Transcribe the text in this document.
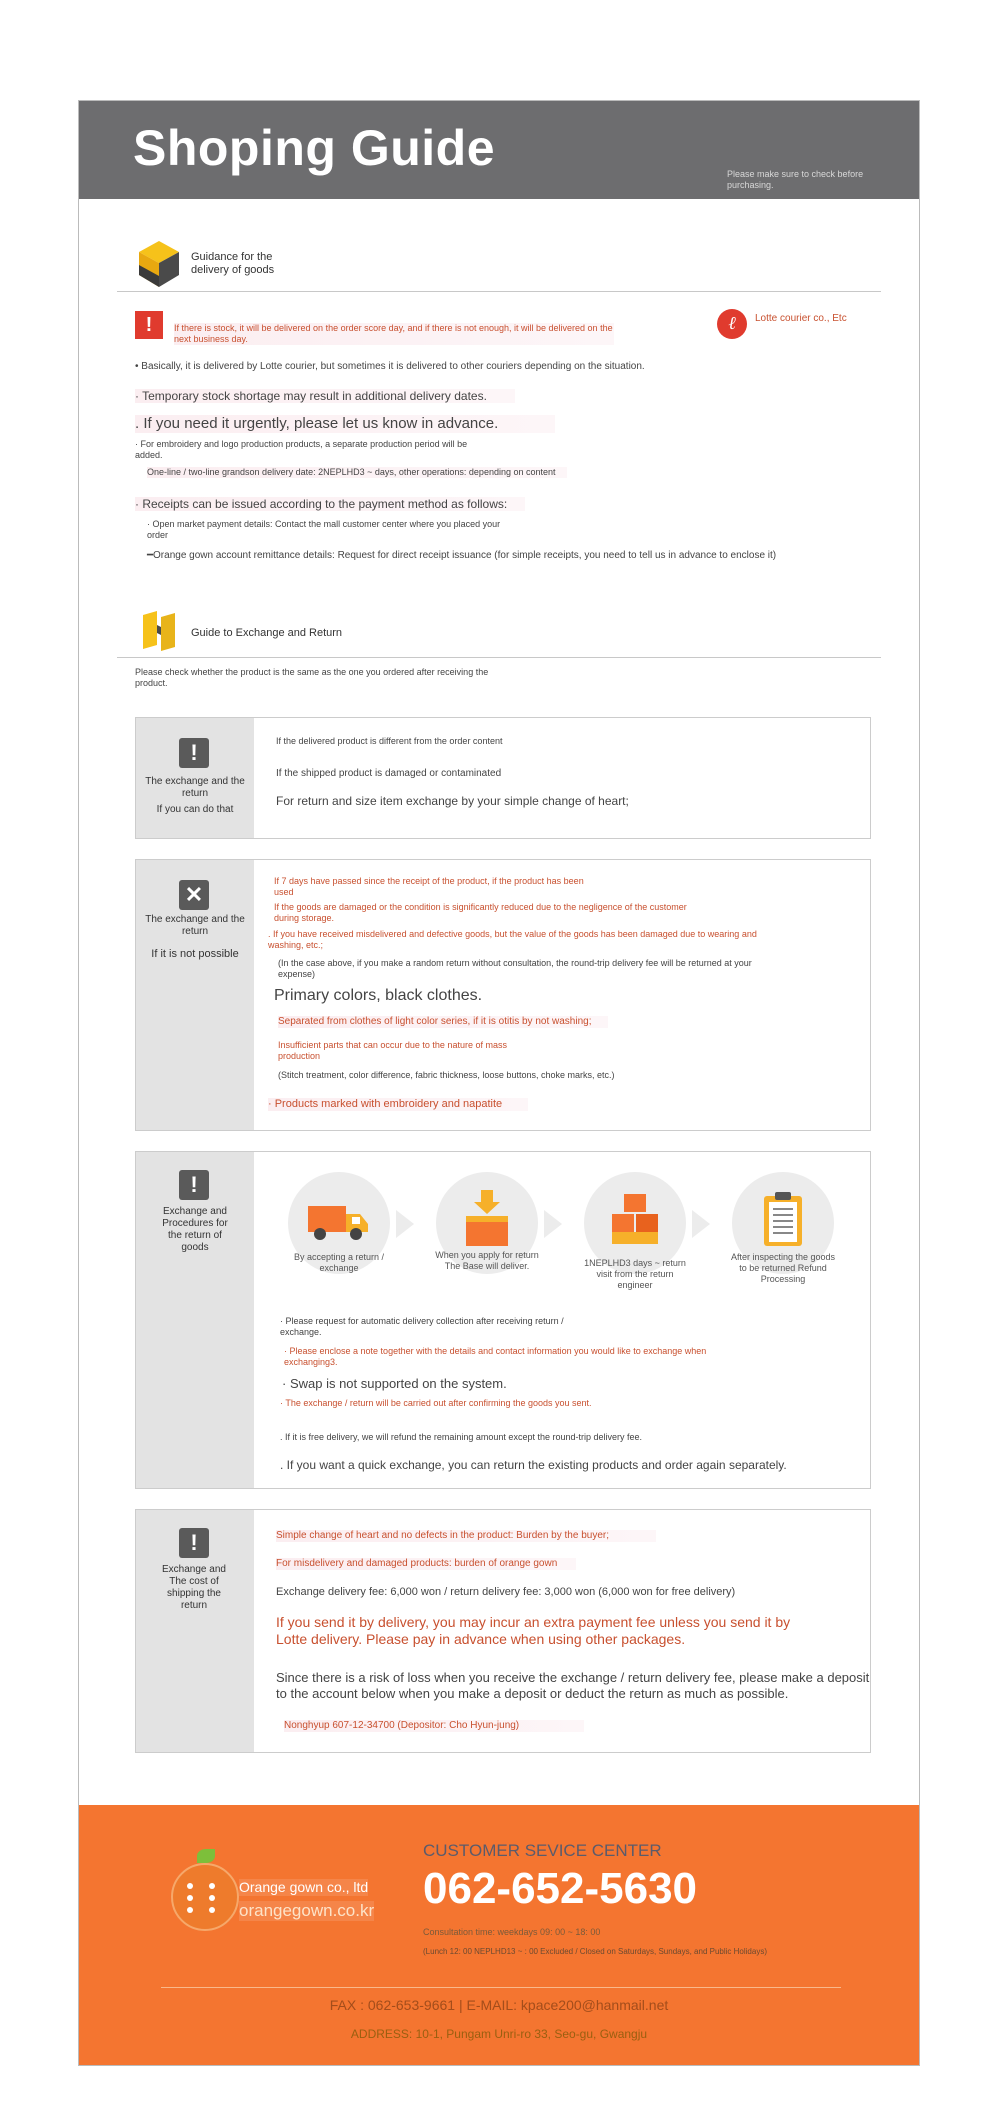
Shoping Guide	Please make sure to check before purchasing.
Guidance for the delivery of goods
!	If there is stock, it will be delivered on the order score day, and if there is not enough, it will be delivered on the next business day.
ℓ	Lotte courier co., Etc
• Basically, it is delivered by Lotte courier, but sometimes it is delivered to other couriers depending on the situation.
· Temporary stock shortage may result in additional delivery dates.
. If you need it urgently, please let us know in advance.
· For embroidery and logo production products, a separate production period will be added.
One-line / two-line grandson delivery date: 2NEPLHD3 ~ days, other operations: depending on content
· Receipts can be issued according to the payment method as follows:
· Open market payment details: Contact the mall customer center where you placed your order
━Orange gown account remittance details: Request for direct receipt issuance (for simple receipts, you need to tell us in advance to enclose it)
Guide to Exchange and Return
Please check whether the product is the same as the one you ordered after receiving the product.
!
The exchange and the return
If you can do that
If the delivered product is different from the order content
If the shipped product is damaged or contaminated
For return and size item exchange by your simple change of heart;
✕
The exchange and the return
If it is not possible
If 7 days have passed since the receipt of the product, if the product has been used
If the goods are damaged or the condition is significantly reduced due to the negligence of the customer during storage.
. If you have received misdelivered and defective goods, but the value of the goods has been damaged due to wearing and washing, etc.;
(In the case above, if you make a random return without consultation, the round-trip delivery fee will be returned at your expense)
Primary colors, black clothes.
Separated from clothes of light color series, if it is otitis by not washing;
Insufficient parts that can occur due to the nature of mass production
(Stitch treatment, color difference, fabric thickness, loose buttons, choke marks, etc.)
· Products marked with embroidery and napatite
!
Exchange and Procedures for the return of goods
By accepting a return / exchange
When you apply for return The Base will deliver.	1NEPLHD3 days ~ return visit from the return engineer
After inspecting the goods to be returned Refund Processing
· Please request for automatic delivery collection after receiving return / exchange.
· Please enclose a note together with the details and contact information you would like to exchange when exchanging3.
· Swap is not supported on the system.
· The exchange / return will be carried out after confirming the goods you sent.
. If it is free delivery, we will refund the remaining amount except the round-trip delivery fee.
. If you want a quick exchange, you can return the existing products and order again separately.
!
Exchange and The cost of shipping the return
Simple change of heart and no defects in the product: Burden by the buyer;
For misdelivery and damaged products: burden of orange gown
Exchange delivery fee: 6,000 won / return delivery fee: 3,000 won (6,000 won for free delivery)
If you send it by delivery, you may incur an extra payment fee unless you send it by Lotte delivery. Please pay in advance when using other packages.
Since there is a risk of loss when you receive the exchange / return delivery fee, please make a deposit to the account below when you make a deposit or deduct the return as much as possible.
Nonghyup 607-12-34700 (Depositor: Cho Hyun-jung)
Orange gown co., ltd
orangegown.co.kr
CUSTOMER SEVICE CENTER
062-652-5630
Consultation time: weekdays 09: 00 ~ 18: 00
(Lunch 12: 00 NEPLHD13 ~ : 00 Excluded / Closed on Saturdays, Sundays, and Public Holidays)
FAX : 062-653-9661 | E-MAIL: kpace200@hanmail.net
ADDRESS: 10-1, Pungam Unri-ro 33, Seo-gu, Gwangju
